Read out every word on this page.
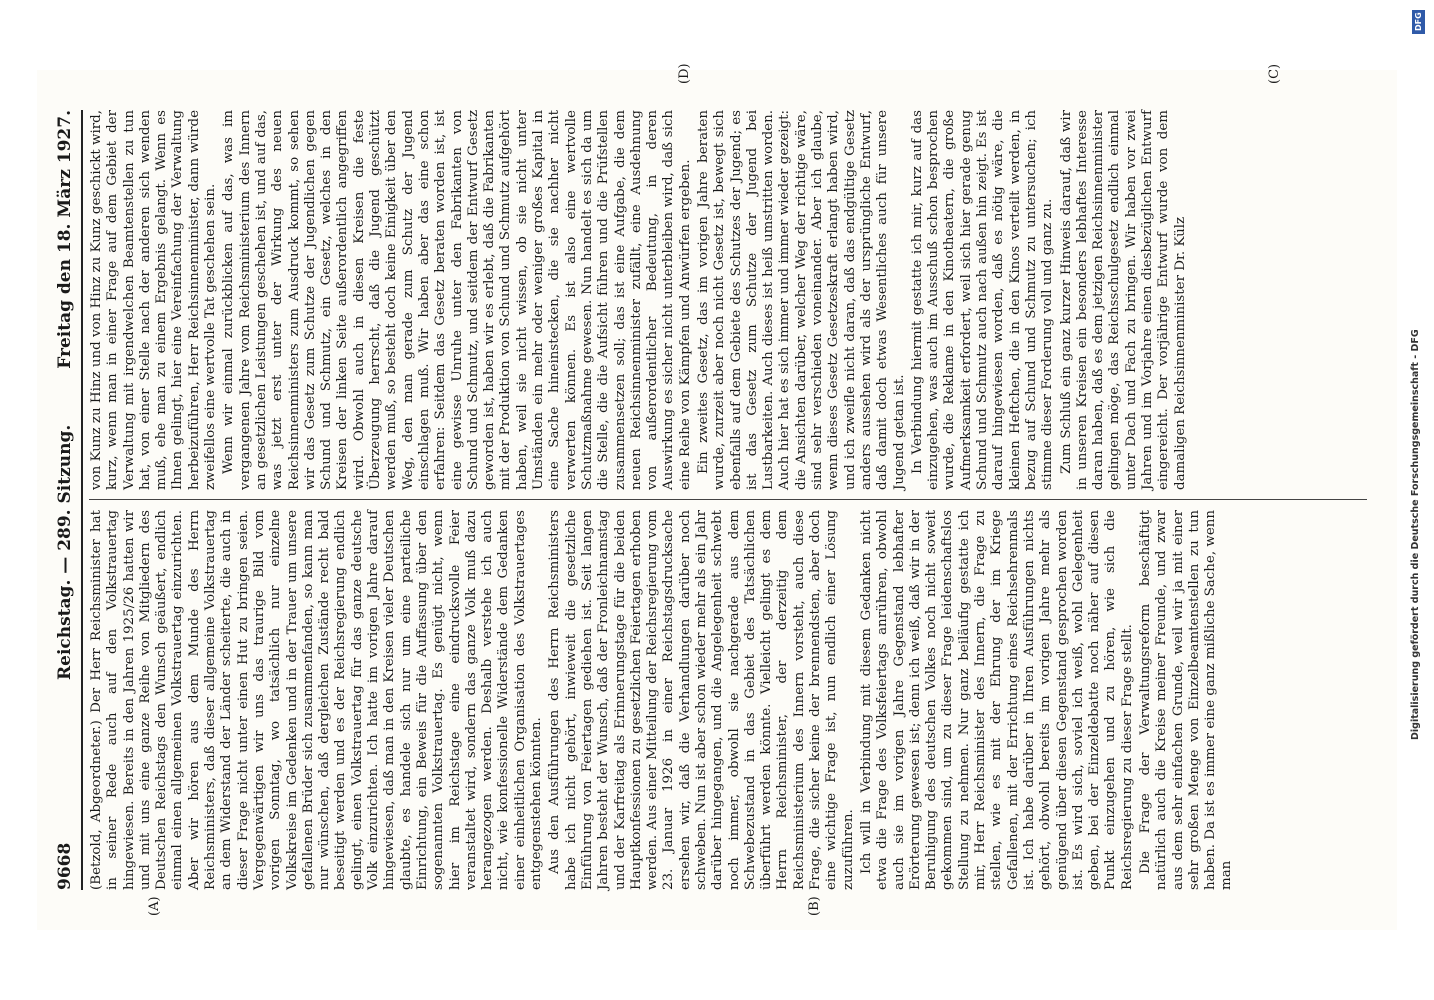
9668
Reichstag. — 289. Sitzung.
Freitag den 18. März 1927.
(A)	(B)
(C)
(D)

(Betzold, Abgeordneter.) Der Herr Reichsminister hat in seiner Rede auch auf den Volkstrauertag hingewiesen. Bereits in den Jahren 1925/26 hatten wir und mit uns eine ganze Reihe von Mitgliedern des Deutschen Reichstags den Wunsch geäußert, endlich einmal einen allgemeinen Volkstrauertag einzurichten. Aber wir hören aus dem Munde des Herrn Reichsministers, daß dieser allgemeine Volkstrauertag an dem Widerstand der Länder scheiterte, die auch in dieser Frage nicht unter einen Hut zu bringen seien. Vergegenwärtigen wir uns das traurige Bild vom vorigen Sonntag, wo tatsächlich nur einzelne Volkskreise im Gedenken und in der Trauer um unsere gefallenen Brüder sich zusammenfanden, so kann man nur wünschen, daß dergleichen Zustände recht bald beseitigt werden und es der Reichsregierung endlich gelingt, einen Volkstrauertag für das ganze deutsche Volk einzurichten. Ich hatte im vorigen Jahre darauf hingewiesen, daß man in den Kreisen vieler Deutschen glaubte, es handele sich nur um eine parteiliche Einrichtung, ein Beweis für die Auffassung über den sogenannten Volkstrauertag. Es genügt nicht, wenn hier im Reichstage eine eindrucksvolle Feier veranstaltet wird, sondern das ganze Volk muß dazu herangezogen werden. Deshalb verstehe ich auch nicht, wie konfessionelle Widerstände dem Gedanken einer einheitlichen Organisation des Volkstrauertages entgegenstehen könnten. Aus den Ausführungen des Herrn Reichsministers habe ich nicht gehört, inwieweit die gesetzliche Einführung von Feiertagen gediehen ist. Seit langen Jahren besteht der Wunsch, daß der Fronleichnamstag und der Karfreitag als Erinnerungstage für die beiden Hauptkonfessionen zu gesetzlichen Feiertagen erhoben werden. Aus einer Mitteilung der Reichsregierung vom 23. Januar 1926 in einer Reichstagsdrucksache ersehen wir, daß die Verhandlungen darüber noch schweben. Nun ist aber schon wieder mehr als ein Jahr darüber hingegangen, und die Angelegenheit schwebt noch immer, obwohl sie nachgerade aus dem Schwebezustand in das Gebiet des Tatsächlichen überführt werden könnte. Vielleicht gelingt es dem Herrn Reichsminister, der derzeitig dem Reichsministerium des Innern vorsteht, auch diese Frage, die sicher keine der brennendsten, aber doch eine wichtige Frage ist, nun endlich einer Lösung zuzuführen. Ich will in Verbindung mit diesem Gedanken nicht etwa die Frage des Volksfeiertags anrühren, obwohl auch sie im vorigen Jahre Gegenstand lebhafter Erörterung gewesen ist; denn ich weiß, daß wir in der Beruhigung des deutschen Volkes noch nicht soweit gekommen sind, um zu dieser Frage leidenschaftslos Stellung zu nehmen. Nur ganz beiläufig gestatte ich mir, Herr Reichsminister des Innern, die Frage zu stellen, wie es mit der Ehrung der im Kriege Gefallenen, mit der Errichtung eines Reichsehrenmals ist. Ich habe darüber in Ihren Ausführungen nichts gehört, obwohl bereits im vorigen Jahre mehr als genügend über diesen Gegenstand gesprochen worden ist. Es wird sich, soviel ich weiß, wohl Gelegenheit geben, bei der Einzeldebatte noch näher auf diesen Punkt einzugehen und zu hören, wie sich die Reichsregierung zu dieser Frage stellt. Die Frage der Verwaltungsreform beschäftigt natürlich auch die Kreise meiner Freunde, und zwar aus dem sehr einfachen Grunde, weil wir ja mit einer sehr großen Menge von Einzelbeamtenstellen zu tun haben. Da ist es immer eine ganz mißliche Sache, wenn man

von Kunz zu Hinz und von Hinz zu Kunz geschickt wird, kurz, wenn man in einer Frage auf dem Gebiet der Verwaltung mit irgendwelchen Beamtenstellen zu tun hat, von einer Stelle nach der anderen sich wenden muß, ehe man zu einem Ergebnis gelangt. Wenn es Ihnen gelingt, hier eine Vereinfachung der Verwaltung herbeizuführen, Herr Reichsinnenminister, dann würde zweifellos eine wertvolle Tat geschehen sein. Wenn wir einmal zurückblicken auf das, was im vergangenen Jahre vom Reichsministerium des Innern an gesetzlichen Leistungen geschehen ist, und auf das, was jetzt erst unter der Wirkung des neuen Reichsinnenministers zum Ausdruck kommt, so sehen wir das Gesetz zum Schutze der Jugendlichen gegen Schund und Schmutz, ein Gesetz, welches in den Kreisen der linken Seite außerordentlich angegriffen wird. Obwohl auch in diesen Kreisen die feste Überzeugung herrscht, daß die Jugend geschützt werden muß, so besteht doch keine Einigkeit über den Weg, den man gerade zum Schutz der Jugend einschlagen muß. Wir haben aber das eine schon erfahren: Seitdem das Gesetz beraten worden ist, ist eine gewisse Unruhe unter den Fabrikanten von Schund und Schmutz, und seitdem der Entwurf Gesetz geworden ist, haben wir es erlebt, daß die Fabrikanten mit der Produktion von Schund und Schmutz aufgehört haben, weil sie nicht wissen, ob sie nicht unter Umständen ein mehr oder weniger großes Kapital in eine Sache hineinstecken, die sie nachher nicht verwerten können. Es ist also eine wertvolle Schutzmaßnahme gewesen. Nun handelt es sich da um die Stelle, die die Aufsicht führen und die Prüfstellen zusammensetzen soll; das ist eine Aufgabe, die dem neuen Reichsinnenminister zufällt, eine Ausdehnung von außerordentlicher Bedeutung, in deren Auswirkung es sicher nicht unterbleiben wird, daß sich eine Reihe von Kämpfen und Anwürfen ergeben. Ein zweites Gesetz, das im vorigen Jahre beraten wurde, zurzeit aber noch nicht Gesetz ist, bewegt sich ebenfalls auf dem Gebiete des Schutzes der Jugend; es ist das Gesetz zum Schutze der Jugend bei Lustbarkeiten. Auch dieses ist heiß umstritten worden. Auch hier hat es sich immer und immer wieder gezeigt: die Ansichten darüber, welcher Weg der richtige wäre, sind sehr verschieden voneinander. Aber ich glaube, wenn dieses Gesetz Gesetzeskraft erlangt haben wird, und ich zweifle nicht daran, daß das endgültige Gesetz anders aussehen wird als der ursprüngliche Entwurf, daß damit doch etwas Wesentliches auch für unsere Jugend getan ist. In Verbindung hiermit gestatte ich mir, kurz auf das einzugehen, was auch im Ausschuß schon besprochen wurde, die Reklame in den Kinotheatern, die große Aufmerksamkeit erfordert, weil sich hier gerade genug Schund und Schmutz auch nach außen hin zeigt. Es ist darauf hingewiesen worden, daß es nötig wäre, die kleinen Heftchen, die in den Kinos verteilt werden, in bezug auf Schund und Schmutz zu untersuchen; ich stimme dieser Forderung voll und ganz zu. Zum Schluß ein ganz kurzer Hinweis darauf, daß wir in unseren Kreisen ein besonders lebhaftes Interesse daran haben, daß es dem jetzigen Reichsinnenminister gelingen möge, das Reichsschulgesetz endlich einmal unter Dach und Fach zu bringen. Wir haben vor zwei Jahren und im Vorjahre einen diesbezüglichen Entwurf eingereicht. Der vorjährige Entwurf wurde von dem damaligen Reichsinnenminister Dr. Külz

DFG
Digitalisierung gefördert durch die Deutsche Forschungsgemeinschaft - DFG
